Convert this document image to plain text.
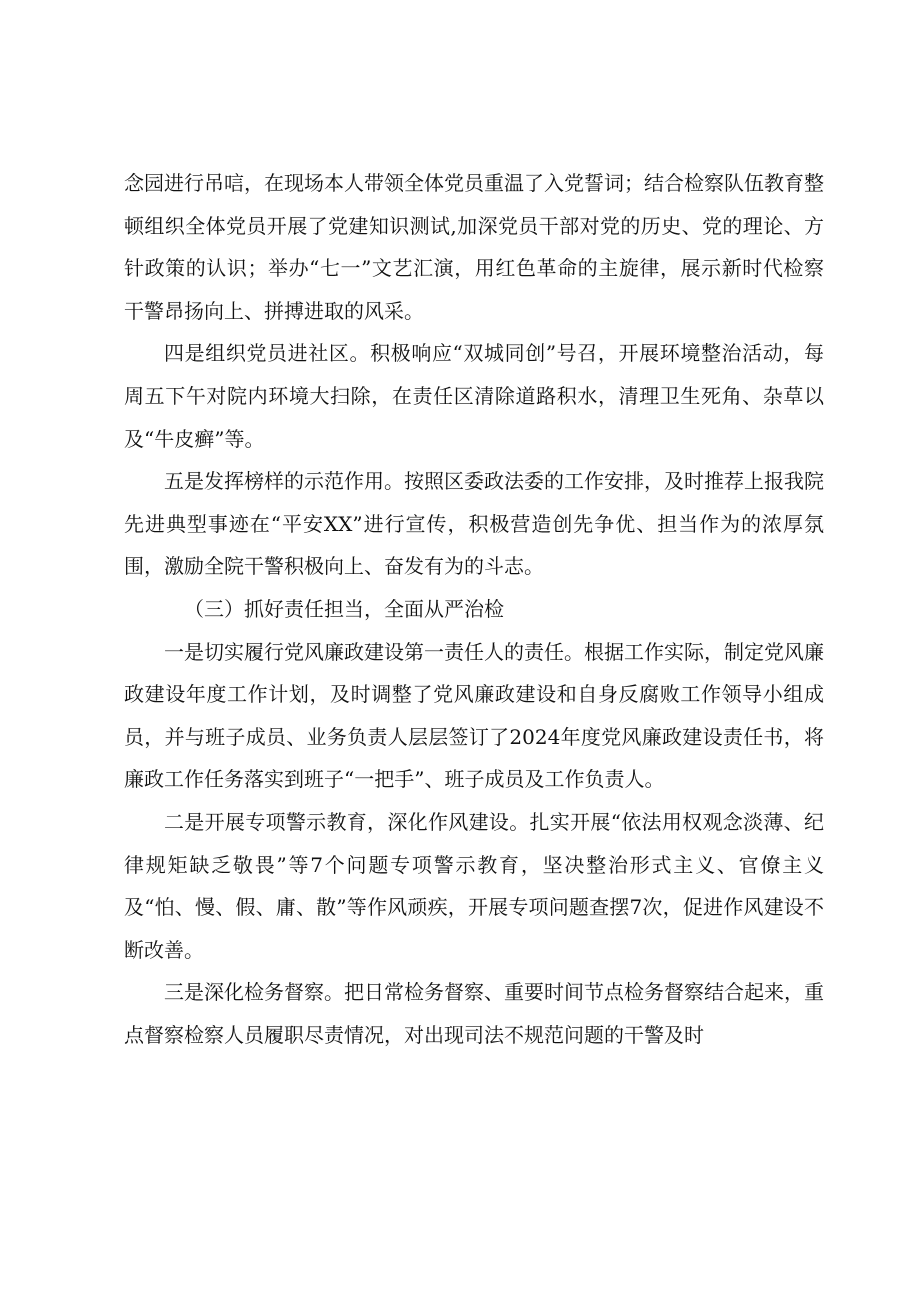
念园进行吊唁，在现场本人带领全体党员重温了入党誓词；结合检察队伍教育整顿组织全体党员开展了党建知识测试,加深党员干部对党的历史、党的理论、方针政策的认识；举办“七一”文艺汇演，用红色革命的主旋律，展示新时代检察干警昂扬向上、拼搏进取的风采。

四是组织党员进社区。积极响应“双城同创”号召，开展环境整治活动，每周五下午对院内环境大扫除，在责任区清除道路积水，清理卫生死角、杂草以及“牛皮癣”等。

五是发挥榜样的示范作用。按照区委政法委的工作安排，及时推荐上报我院先进典型事迹在“平安XX”进行宣传，积极营造创先争优、担当作为的浓厚氛围，激励全院干警积极向上、奋发有为的斗志。

（三）抓好责任担当，全面从严治检

一是切实履行党风廉政建设第一责任人的责任。根据工作实际，制定党风廉政建设年度工作计划，及时调整了党风廉政建设和自身反腐败工作领导小组成员，并与班子成员、业务负责人层层签订了2024年度党风廉政建设责任书，将廉政工作任务落实到班子“一把手”、班子成员及工作负责人。

二是开展专项警示教育，深化作风建设。扎实开展“依法用权观念淡薄、纪律规矩缺乏敬畏”等7个问题专项警示教育，坚决整治形式主义、官僚主义及“怕、慢、假、庸、散”等作风顽疾，开展专项问题查摆7次，促进作风建设不断改善。

三是深化检务督察。把日常检务督察、重要时间节点检务督察结合起来，重点督察检察人员履职尽责情况，对出现司法不规范问题的干警及时
